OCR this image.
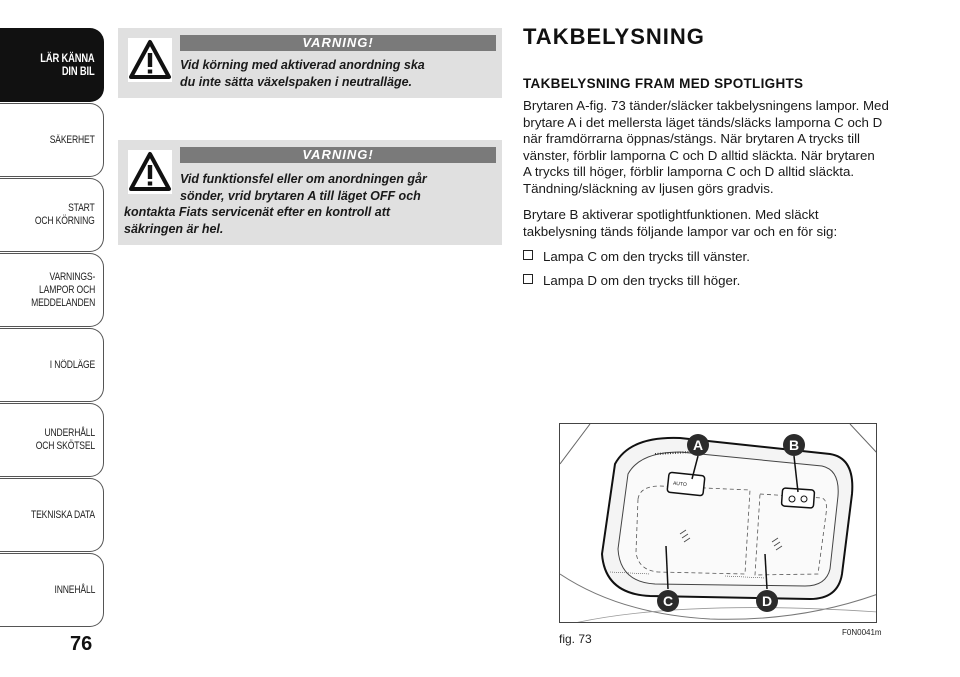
LÄR KÄNNA
DIN BIL
SÄKERHET
START
OCH KÖRNING
VARNINGS-
LAMPOR OCH
MEDDELANDEN
I NÖDLÄGE
UNDERHÅLL
OCH SKÖTSEL
TEKNISKA DATA
INNEHÅLL
76
VARNING!
Vid körning med aktiverad anordning ska
du inte sätta växelspaken i neutralläge.
VARNING!
Vid funktionsfel eller om anordningen går
sönder, vrid brytaren A till läget OFF och
kontakta Fiats servicenät efter en kontroll att
säkringen är hel.
TAKBELYSNING
TAKBELYSNING FRAM MED SPOTLIGHTS
Brytaren A-fig. 73 tänder/släcker takbelysningens lampor. Med
brytare A i det mellersta läget tänds/släcks lamporna C och D
när framdörrarna öppnas/stängs. När brytaren A trycks till
vänster, förblir lamporna C och D alltid släckta. När brytaren
A trycks till höger, förblir lamporna C och D alltid släckta.
Tändning/släckning av ljusen görs gradvis.
Brytare B aktiverar spotlightfunktionen. Med släckt
takbelysning tänds följande lampor var och en för sig:
Lampa C om den trycks till vänster.
Lampa D om den trycks till höger.
AUTO
A	B
C	D
fig. 73	F0N0041m
